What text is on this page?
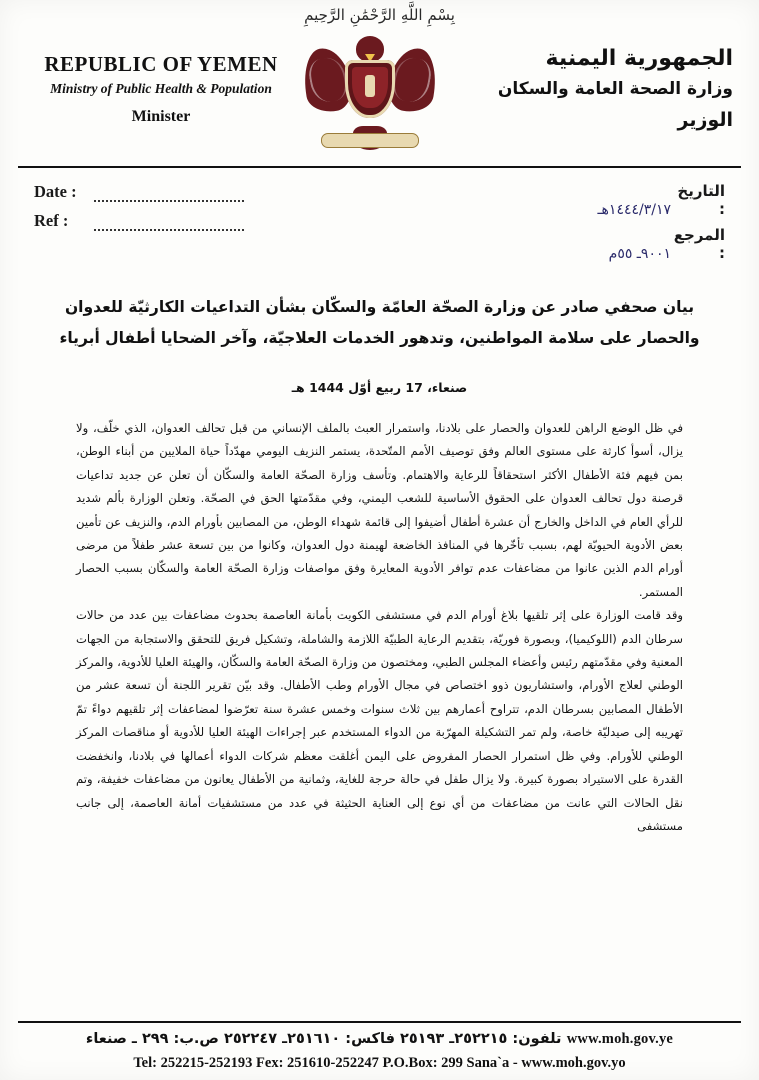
بِسْمِ اللَّهِ الرَّحْمَٰنِ الرَّحِيمِ
REPUBLIC OF YEMEN
Ministry of Public Health & Population
Minister
الجمهورية اليمنية
وزارة الصحة العامة والسكان
الوزير
Date :
Ref :
التاريخ :
١٤٤٤/٣/١٧هـ
المرجع :
٩٠٠١ـ ٥٥م
بيان صحفي صادر عن وزارة الصحّة العامّة والسكّان بشأن التداعيات الكارثيّة للعدوان والحصار على سلامة المواطنين، وتدهور الخدمات العلاجيّة، وآخر الضحايا أطفال أبرياء
صنعاء، 17 ربيع أوّل 1444 هـ
في ظل الوضع الراهن للعدوان والحصار على بلادنا، واستمرار العبث بالملف الإنساني من قبل تحالف العدوان، الذي خلّف، ولا يزال، أسوأ كارثة على مستوى العالم وفق توصيف الأمم المتّحدة، يستمر النزيف اليومي مهدّداً حياة الملايين من أبناء الوطن، بمن فيهم فئة الأطفال الأكثر استحقاقاً للرعاية والاهتمام. وتأسف وزارة الصحّة العامة والسكّان أن تعلن عن جديد تداعيات قرصنة دول تحالف العدوان على الحقوق الأساسية للشعب اليمني، وفي مقدّمتها الحق في الصحّة. وتعلن الوزارة بألم شديد للرأي العام في الداخل والخارج أن عشرة أطفال أضيفوا إلى قائمة شهداء الوطن، من المصابين بأورام الدم، والنزيف عن تأمين بعض الأدوية الحيويّة لهم، بسبب تأخّرها في المنافذ الخاضعة لهيمنة دول العدوان، وكانوا من بين تسعة عشر طفلاً من مرضى أورام الدم الذين عانوا من مضاعفات عدم توافر الأدوية المعايرة وفق مواصفات وزارة الصحّة العامة والسكّان بسبب الحصار المستمر.
وقد قامت الوزارة على إثر تلقيها بلاغ أورام الدم في مستشفى الكويت بأمانة العاصمة بحدوث مضاعفات بين عدد من حالات سرطان الدم (اللوكيميا)، وبصورة فوريّة، بتقديم الرعاية الطبيّة اللازمة والشاملة، وتشكيل فريق للتحقق والاستجابة من الجهات المعنية وفي مقدّمتهم رئيس وأعضاء المجلس الطبي، ومختصون من وزارة الصحّة العامة والسكّان، والهيئة العليا للأدوية، والمركز الوطني لعلاج الأورام، واستشاريون ذوو اختصاص في مجال الأورام وطب الأطفال. وقد بيّن تقرير اللجنة أن تسعة عشر من الأطفال المصابين بسرطان الدم، تتراوح أعمارهم بين ثلاث سنوات وخمس عشرة سنة تعرّضوا لمضاعفات إثر تلقيهم دواءً تمّ تهريبه إلى صيدليّة خاصة، ولم تمر التشكيلة المهرّبة من الدواء المستخدم عبر إجراءات الهيئة العليا للأدوية أو مناقصات المركز الوطني للأورام. وفي ظل استمرار الحصار المفروض على اليمن أغلقت معظم شركات الدواء أعمالها في بلادنا، وانخفضت القدرة على الاستيراد بصورة كبيرة. ولا يزال طفل في حالة حرجة للغاية، وثمانية من الأطفال يعانون من مضاعفات خفيفة، وتم نقل الحالات التي عانت من مضاعفات من أي نوع إلى العناية الحثيثة في عدد من مستشفيات أمانة العاصمة، إلى جانب مستشفى
www.moh.gov.ye تلفون: ٢٥٢٢١٥ـ ٢٥١٩٣ فاكس: ٢٥١٦١٠ـ ٢٥٢٢٤٧ ص.ب: ٢٩٩ ـ صنعاء
Tel: 252215-252193 Fex: 251610-252247 P.O.Box: 299 Sana`a - www.moh.gov.yo
